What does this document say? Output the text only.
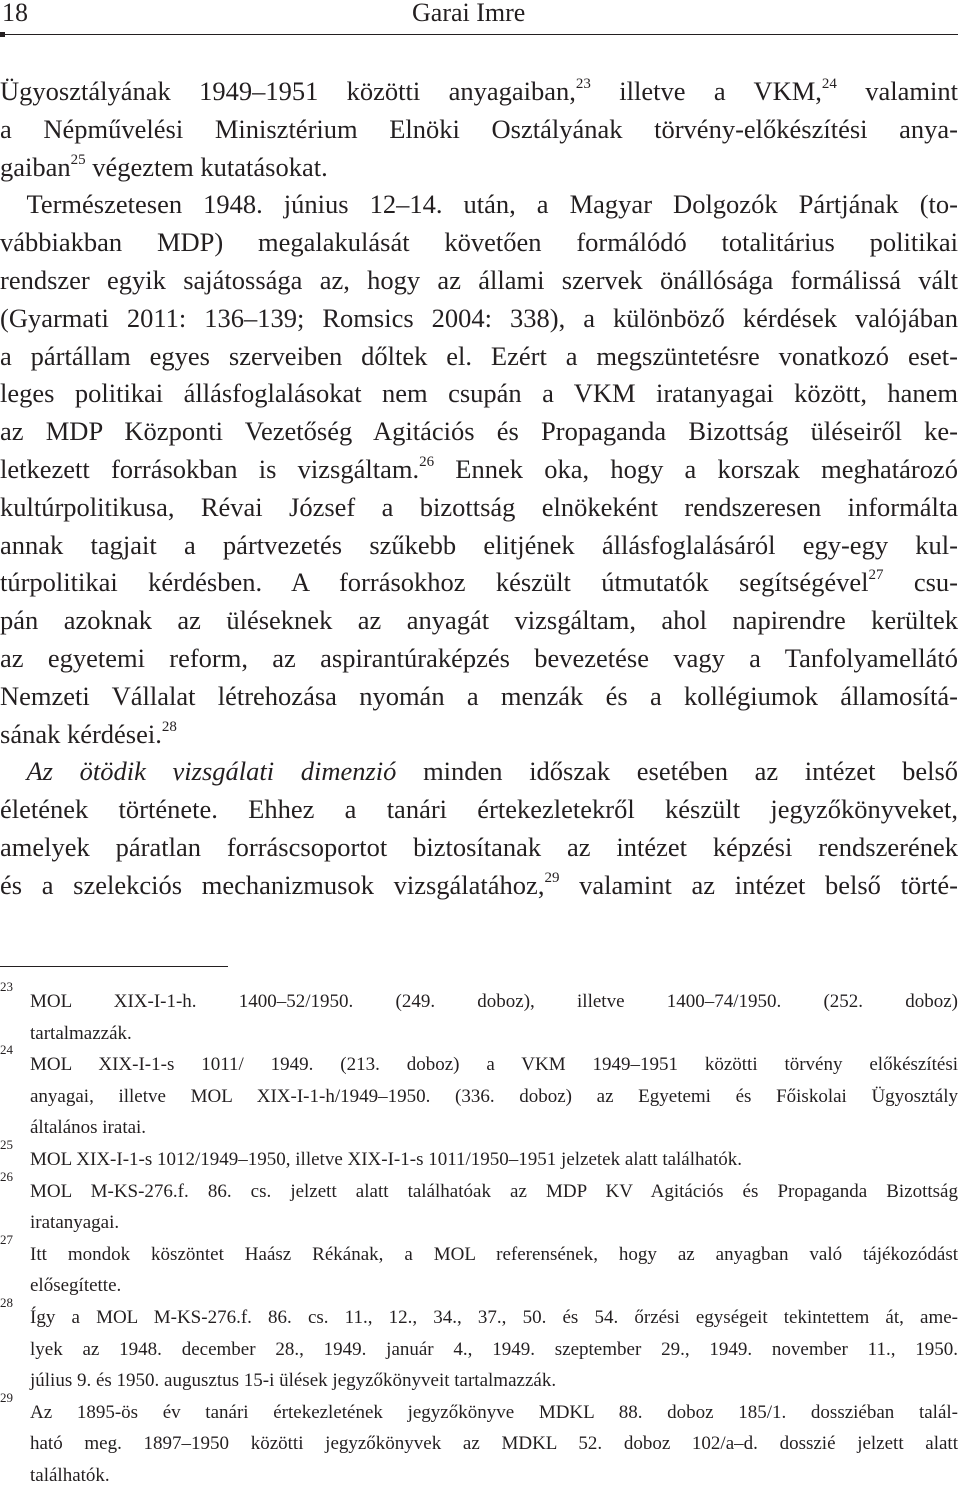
18	Garai Imre
Ügyosztályának 1949–1951 közötti anyagaiban,$^{23}$ illetve a VKM,$^{24}$ valamint
a Népművelési Minisztérium Elnöki Osztályának törvény-előkészítési anya-
gaiban$^{25}$ végeztem kutatásokat.
 Természetesen 1948. június 12–14. után, a Magyar Dolgozók Pártjának (to-
vábbiakban MDP) megalakulását követően formálódó totalitárius politikai
rendszer egyik sajátossága az, hogy az állami szervek önállósága formálissá vált
(Gyarmati 2011: 136–139; Romsics 2004: 338), a különböző kérdések valójában
a pártállam egyes szerveiben dőltek el. Ezért a megszüntetésre vonatkozó eset-
leges politikai állásfoglalásokat nem csupán a VKM iratanyagai között, hanem
az MDP Központi Vezetőség Agitációs és Propaganda Bizottság üléseiről ke-
letkezett forrásokban is vizsgáltam.$^{26}$ Ennek oka, hogy a korszak meghatározó
kultúrpolitikusa, Révai József a bizottság elnökeként rendszeresen informálta
annak tagjait a pártvezetés szűkebb elitjének állásfoglalásáról egy-egy kul-
túrpolitikai kérdésben. A forrásokhoz készült útmutatók segítségével$^{27}$ csu-
pán azoknak az üléseknek az anyagát vizsgáltam, ahol napirendre kerültek
az egyetemi reform, az aspirantúraképzés bevezetése vagy a Tanfolyamellátó
Nemzeti Vállalat létrehozása nyomán a menzák és a kollégiumok államosítá-
sának kérdései.$^{28}$
 Az ötödik vizsgálati dimenzió minden időszak esetében az intézet belső
életének története. Ehhez a tanári értekezletekről készült jegyzőkönyveket,
amelyek páratlan forráscsoportot biztosítanak az intézet képzési rendszerének
és a szelekciós mechanizmusok vizsgálatához,$^{29}$ valamint az intézet belső törté-
23
MOL XIX-I-1-h. 1400–52/1950. (249. doboz), illetve 1400–74/1950. (252. doboz)
tartalmazzák.
24
MOL XIX-I-1-s 1011/ 1949. (213. doboz) a VKM 1949–1951 közötti törvény előkészítési
anyagai, illetve MOL XIX-I-1-h/1949–1950. (336. doboz) az Egyetemi és Főiskolai Ügyosztály
általános iratai.
25
MOL XIX-I-1-s 1012/1949–1950, illetve XIX-I-1-s 1011/1950–1951 jelzetek alatt találhatók.
26
MOL M-KS-276.f. 86. cs. jelzett alatt találhatóak az MDP KV Agitációs és Propaganda Bizottság
iratanyagai.
27
Itt mondok köszöntet Haász Rékának, a MOL referensének, hogy az anyagban való tájékozódást
elősegítette.
28
Így a MOL M-KS-276.f. 86. cs. 11., 12., 34., 37., 50. és 54. őrzési egységeit tekintettem át, ame-
lyek az 1948. december 28., 1949. január 4., 1949. szeptember 29., 1949. november 11., 1950.
július 9. és 1950. augusztus 15-i ülések jegyzőkönyveit tartalmazzák.
29
Az 1895-ös év tanári értekezletének jegyzőkönyve MDKL 88. doboz 185/1. dossziéban talál-
ható meg. 1897–1950 közötti jegyzőkönyvek az MDKL 52. doboz 102/a–d. dosszié jelzett alatt
találhatók.
